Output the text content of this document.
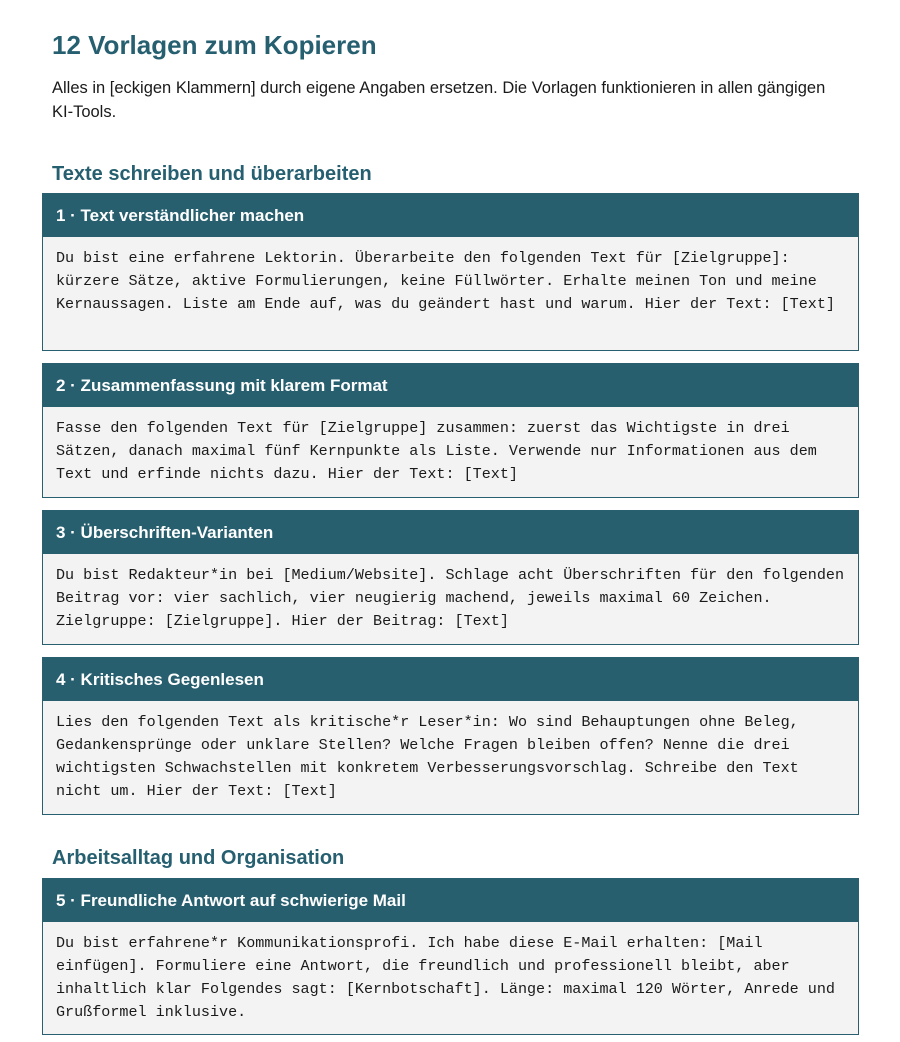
12 Vorlagen zum Kopieren

Alles in [eckigen Klammern] durch eigene Angaben ersetzen. Die Vorlagen funktionieren in allen gängigen KI-Tools.

Texte schreiben und überarbeiten
1 · Text verständlicher machen
Du bist eine erfahrene Lektorin. Überarbeite den folgenden Text für [Zielgruppe]: kürzere Sätze, aktive Formulierungen, keine Füllwörter. Erhalte meinen Ton und meine Kernaussagen. Liste am Ende auf, was du geändert hast und warum. Hier der Text: [Text]
2 · Zusammenfassung mit klarem Format
Fasse den folgenden Text für [Zielgruppe] zusammen: zuerst das Wichtigste in drei Sätzen, danach maximal fünf Kernpunkte als Liste. Verwende nur Informationen aus dem Text und erfinde nichts dazu. Hier der Text: [Text]
3 · Überschriften-Varianten
Du bist Redakteur*in bei [Medium/Website]. Schlage acht Überschriften für den folgenden Beitrag vor: vier sachlich, vier neugierig machend, jeweils maximal 60 Zeichen. Zielgruppe: [Zielgruppe]. Hier der Beitrag: [Text]
4 · Kritisches Gegenlesen
Lies den folgenden Text als kritische*r Leser*in: Wo sind Behauptungen ohne Beleg, Gedankensprünge oder unklare Stellen? Welche Fragen bleiben offen? Nenne die drei wichtigsten Schwachstellen mit konkretem Verbesserungsvorschlag. Schreibe den Text nicht um. Hier der Text: [Text]
Arbeitsalltag und Organisation
5 · Freundliche Antwort auf schwierige Mail
Du bist erfahrene*r Kommunikationsprofi. Ich habe diese E-Mail erhalten: [Mail einfügen]. Formuliere eine Antwort, die freundlich und professionell bleibt, aber inhaltlich klar Folgendes sagt: [Kernbotschaft]. Länge: maximal 120 Wörter, Anrede und Grußformel inklusive.
